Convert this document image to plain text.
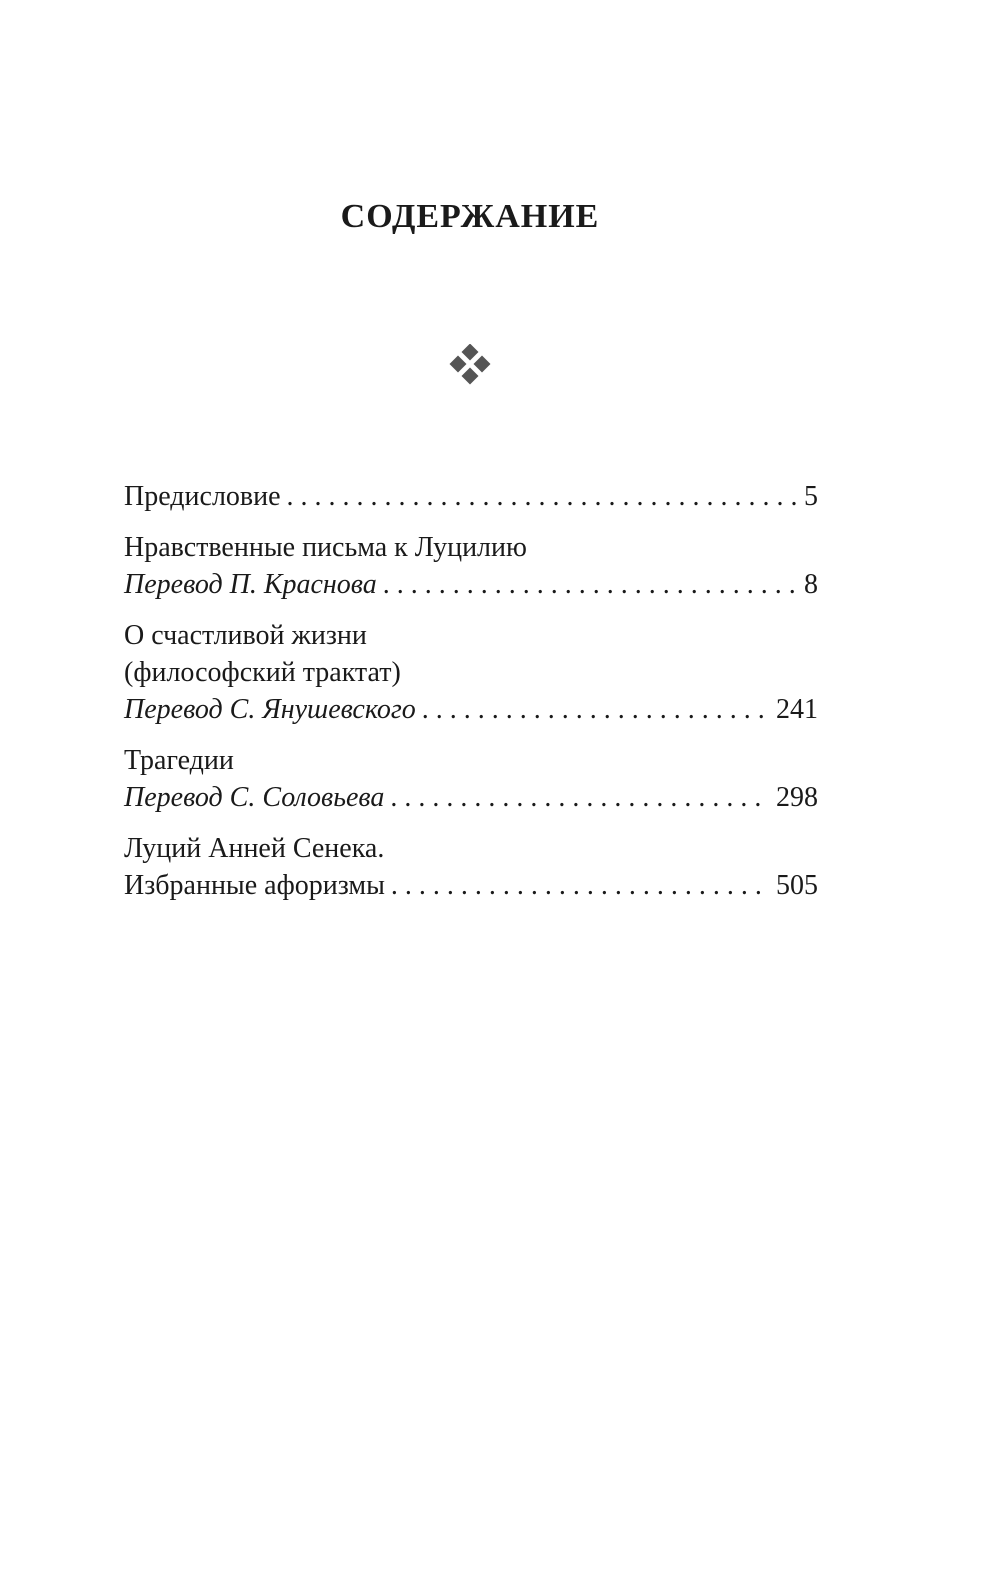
СОДЕРЖАНИЕ
Предисловие . . .	5
Нравственные письма к Луцилию
Перевод П. Краснова . . .	8
О счастливой жизни
(философский трактат)
Перевод С. Янушевского . . .	241
Трагедии
Перевод С. Соловьева . . .	298
Луций Анней Сенека.
Избранные афоризмы . . .	505
